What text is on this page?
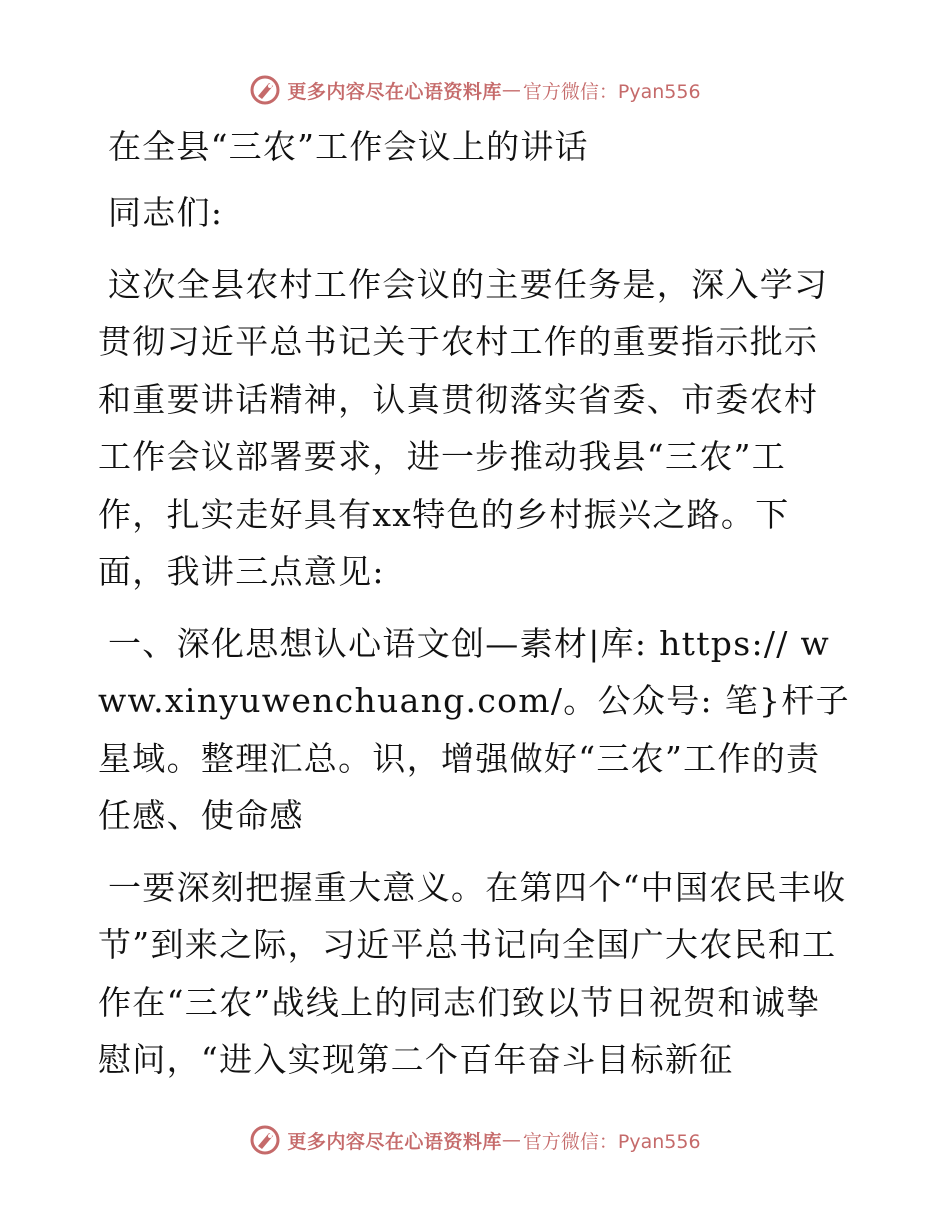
更多内容尽在心语资料库 — 官方微信：Pyan556
在全县“三农”工作会议上的讲话

同志们:

这次全县农村工作会议的主要任务是，深入学习贯彻习近平总书记关于农村工作的重要指示批示和重要讲话精神，认真贯彻落实省委、市委农村工作会议部署要求，进一步推动我县“三农”工作，扎实走好具有xx特色的乡村振兴之路。下面，我讲三点意见:

一、深化思想认心语文创—素材|库: https:// www.xinyuwenchuang.com/。公众号: 笔}杆子星域。整理汇总。识，增强做好“三农”工作的责任感、使命感

一要深刻把握重大意义。在第四个“中国农民丰收节”到来之际，习近平总书记向全国广大农民和工作在“三农”战线上的同志们致以节日祝贺和诚挚慰问，“进入实现第二个百年奋斗目标新征

更多内容尽在心语资料库 — 官方微信：Pyan556
